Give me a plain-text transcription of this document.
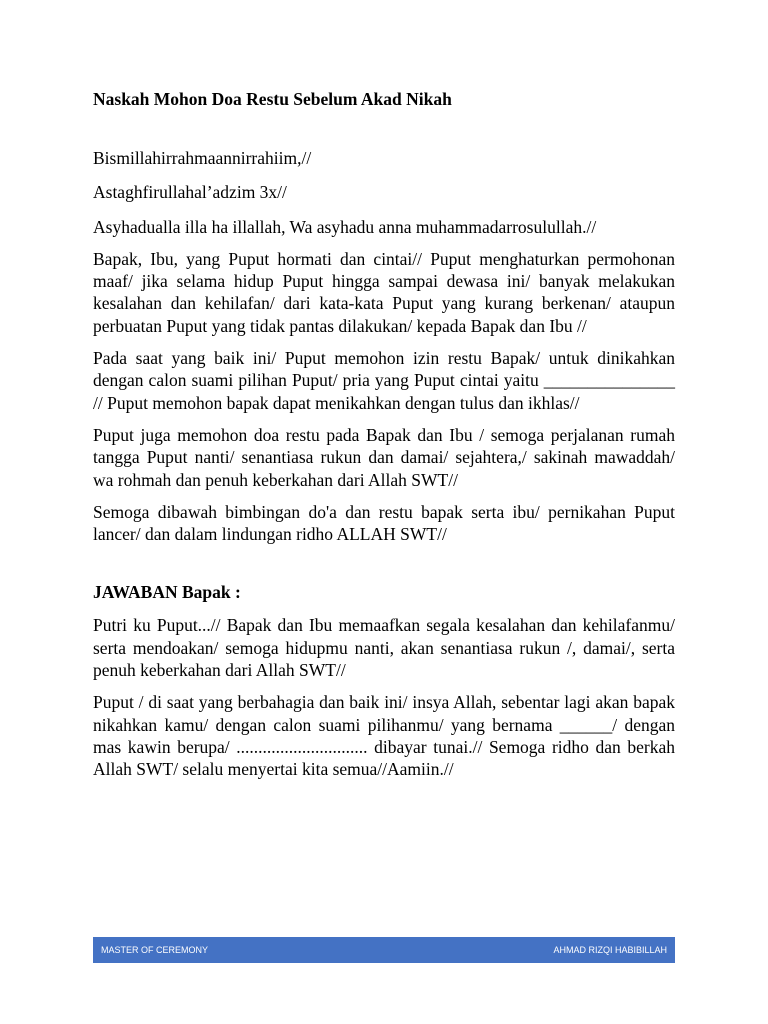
Naskah Mohon Doa Restu Sebelum Akad Nikah

Bismillahirrahmaannirrahiim,//

Astaghfirullahal’adzim 3x//

Asyhadualla illa ha illallah, Wa asyhadu anna muhammadarrosulullah.//

Bapak, Ibu, yang Puput hormati dan cintai// Puput menghaturkan permohonan maaf/ jika selama hidup Puput hingga sampai dewasa ini/ banyak melakukan kesalahan dan kehilafan/ dari kata-kata Puput yang kurang berkenan/ ataupun perbuatan Puput yang tidak pantas dilakukan/ kepada Bapak dan Ibu //

Pada saat yang baik ini/ Puput memohon izin restu Bapak/ untuk dinikahkan dengan calon suami pilihan Puput/ pria yang Puput cintai yaitu _______________ // Puput memohon bapak dapat menikahkan dengan tulus dan ikhlas//

Puput juga memohon doa restu pada Bapak dan Ibu / semoga perjalanan rumah tangga Puput nanti/ senantiasa rukun dan damai/ sejahtera,/ sakinah mawaddah/ wa rohmah dan penuh keberkahan dari Allah SWT//

Semoga dibawah bimbingan do'a dan restu bapak serta ibu/ pernikahan Puput lancer/ dan dalam lindungan ridho ALLAH SWT//

JAWABAN Bapak :

Putri ku Puput...// Bapak dan Ibu memaafkan segala kesalahan dan kehilafanmu/ serta mendoakan/ semoga hidupmu nanti, akan senantiasa rukun /, damai/, serta penuh keberkahan dari Allah SWT//

Puput / di saat yang berbahagia dan baik ini/ insya Allah, sebentar lagi akan bapak nikahkan kamu/ dengan calon suami pilihanmu/ yang bernama ______/ dengan mas kawin berupa/ .............................. dibayar tunai.// Semoga ridho dan berkah Allah SWT/ selalu menyertai kita semua//Aamiin.//

MASTER OF CEREMONY	AHMAD RIZQI HABIBILLAH
